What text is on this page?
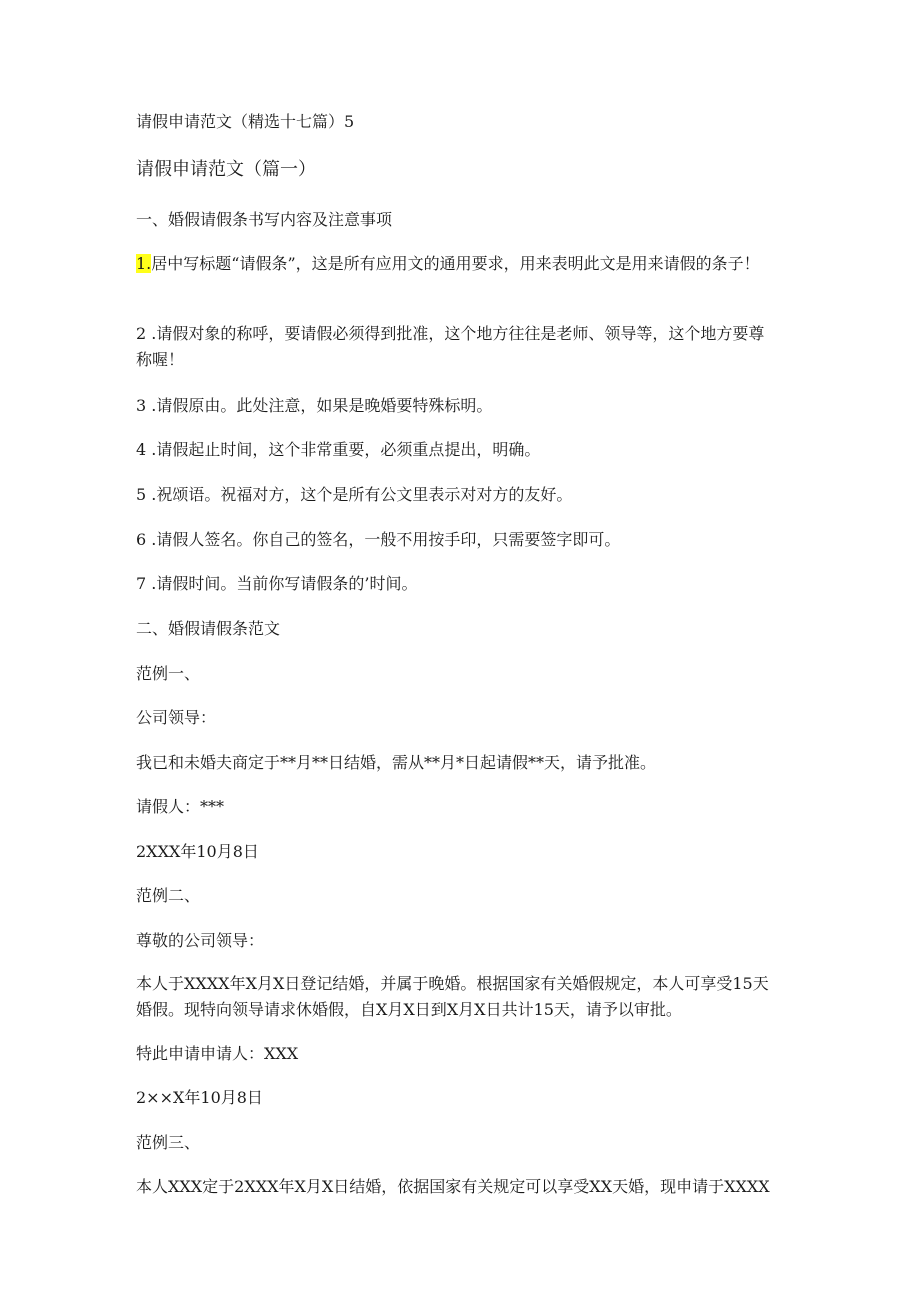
请假申请范文（精选十七篇）5

请假申请范文（篇一）

一、婚假请假条书写内容及注意事项

1.居中写标题“请假条”，这是所有应用文的通用要求，用来表明此文是用来请假的条子！

2 .请假对象的称呼，要请假必须得到批准，这个地方往往是老师、领导等，这个地方要尊称喔！

3 .请假原由。此处注意，如果是晚婚要特殊标明。

4 .请假起止时间，这个非常重要，必须重点提出，明确。

5 .祝颂语。祝福对方，这个是所有公文里表示对对方的友好。

6 .请假人签名。你自己的签名，一般不用按手印，只需要签字即可。

7 .请假时间。当前你写请假条的’时间。

二、婚假请假条范文

范例一、

公司领导：

我已和未婚夫商定于**月**日结婚，需从**月*日起请假**天，请予批准。

请假人：***

2XXX年10月8日

范例二、

尊敬的公司领导：

本人于XXXX年X月X日登记结婚，并属于晚婚。根据国家有关婚假规定，本人可享受15天婚假。现特向领导请求休婚假，自X月X日到X月X日共计15天，请予以审批。

特此申请申请人：XXX

2××X年10月8日

范例三、

本人XXX定于2XXX年X月X日结婚，依据国家有关规定可以享受XX天婚，现申请于XXXX
